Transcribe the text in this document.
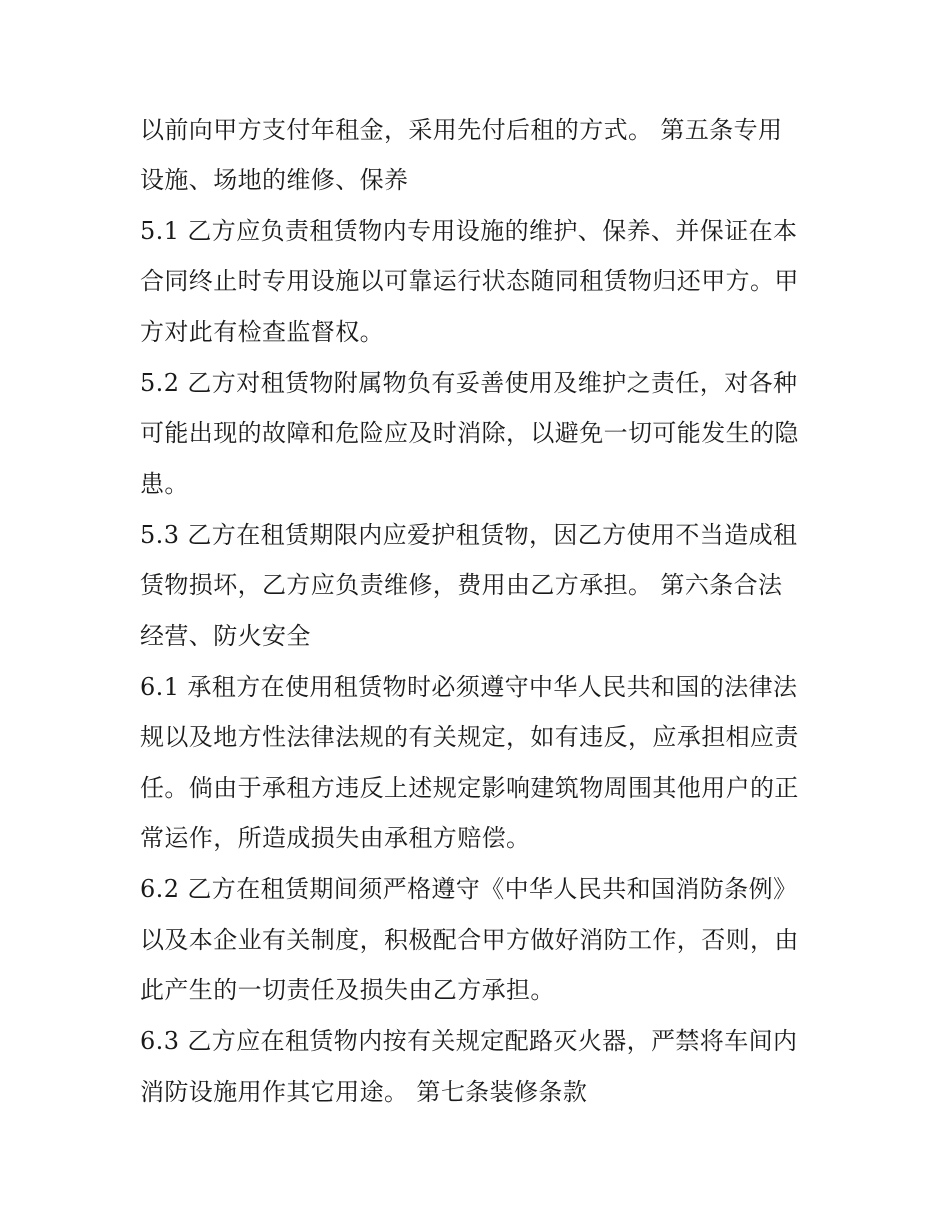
以前向甲方支付年租金，采用先付后租的方式。 第五条专用
设施、场地的维修、保养
5.1 乙方应负责租赁物内专用设施的维护、保养、并保证在本
合同终止时专用设施以可靠运行状态随同租赁物归还甲方。甲
方对此有检查监督权。
5.2 乙方对租赁物附属物负有妥善使用及维护之责任，对各种
可能出现的故障和危险应及时消除，以避免一切可能发生的隐
患。
5.3 乙方在租赁期限内应爱护租赁物，因乙方使用不当造成租
赁物损坏，乙方应负责维修，费用由乙方承担。 第六条合法
经营、防火安全
6.1 承租方在使用租赁物时必须遵守中华人民共和国的法律法
规以及地方性法律法规的有关规定，如有违反，应承担相应责
任。倘由于承租方违反上述规定影响建筑物周围其他用户的正
常运作，所造成损失由承租方赔偿。
6.2 乙方在租赁期间须严格遵守《中华人民共和国消防条例》
以及本企业有关制度，积极配合甲方做好消防工作，否则，由
此产生的一切责任及损失由乙方承担。
6.3 乙方应在租赁物内按有关规定配路灭火器，严禁将车间内
消防设施用作其它用途。 第七条装修条款
